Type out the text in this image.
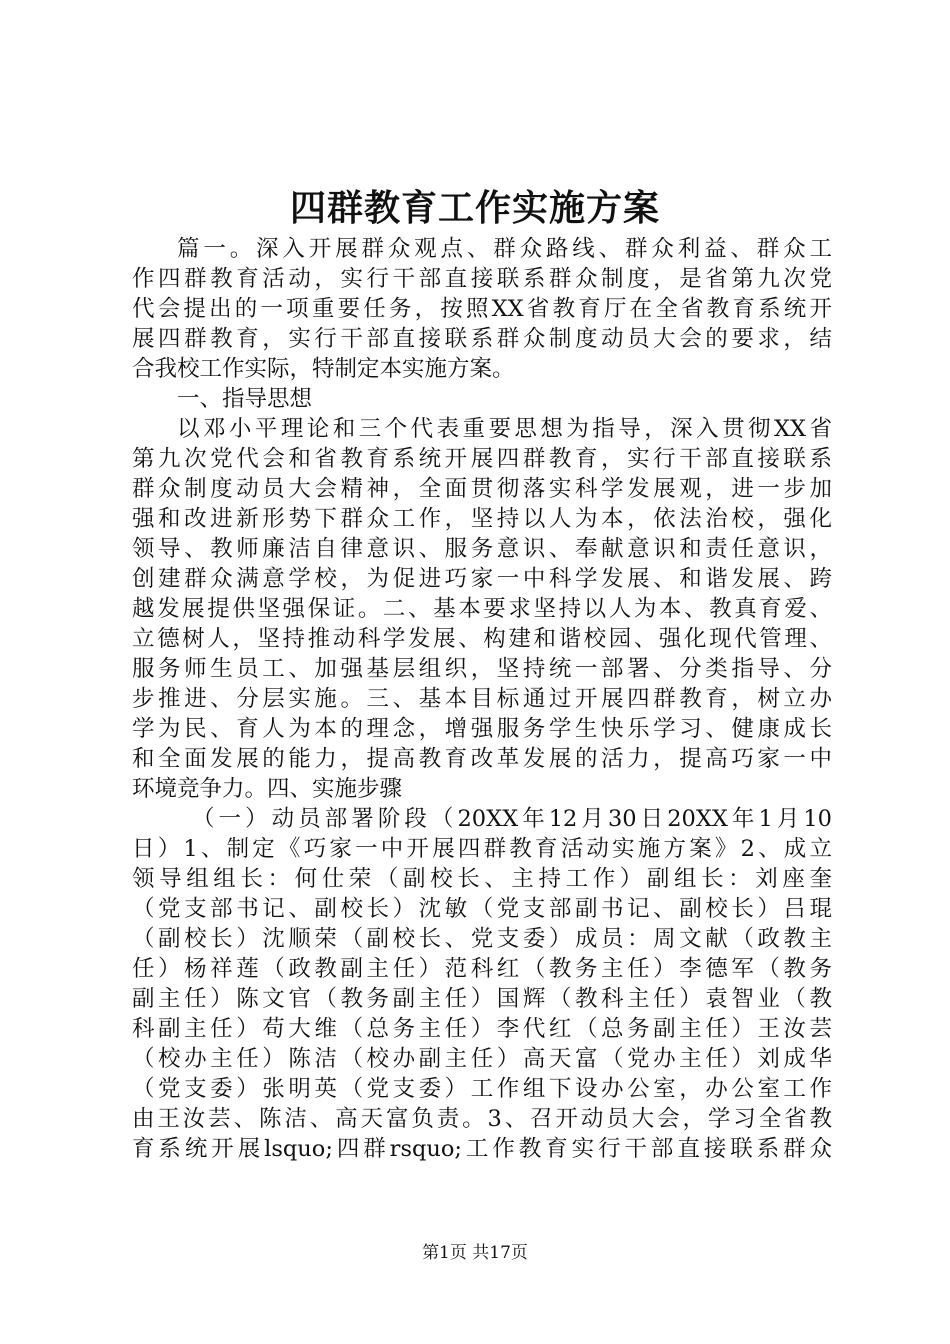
四群教育工作实施方案
篇一。深入开展群众观点、群众路线、群众利益、群众工
作四群教育活动，实行干部直接联系群众制度，是省第九次党
代会提出的一项重要任务，按照XX省教育厅在全省教育系统开
展四群教育，实行干部直接联系群众制度动员大会的要求，结
合我校工作实际，特制定本实施方案。
一、指导思想
以邓小平理论和三个代表重要思想为指导，深入贯彻XX省
第九次党代会和省教育系统开展四群教育，实行干部直接联系
群众制度动员大会精神，全面贯彻落实科学发展观，进一步加
强和改进新形势下群众工作，坚持以人为本，依法治校，强化
领导、教师廉洁自律意识、服务意识、奉献意识和责任意识，
创建群众满意学校，为促进巧家一中科学发展、和谐发展、跨
越发展提供坚强保证。二、基本要求坚持以人为本、教真育爱、
立德树人，坚持推动科学发展、构建和谐校园、强化现代管理、
服务师生员工、加强基层组织，坚持统一部署、分类指导、分
步推进、分层实施。三、基本目标通过开展四群教育，树立办
学为民、育人为本的理念，增强服务学生快乐学习、健康成长
和全面发展的能力，提高教育改革发展的活力，提高巧家一中
环境竞争力。四、实施步骤
（一）动员部署阶段（20XX年12月30日20XX年1月10
日）1、制定《巧家一中开展四群教育活动实施方案》2、成立
领导组组长：何仕荣（副校长、主持工作）副组长：刘座奎
（党支部书记、副校长）沈敏（党支部副书记、副校长）吕琨
（副校长）沈顺荣（副校长、党支委）成员：周文献（政教主
任）杨祥莲（政教副主任）范科红（教务主任）李德军（教务
副主任）陈文官（教务副主任）国辉（教科主任）袁智业（教
科副主任）苟大维（总务主任）李代红（总务副主任）王汝芸
（校办主任）陈洁（校办副主任）高天富（党办主任）刘成华
（党支委）张明英（党支委）工作组下设办公室，办公室工作
由王汝芸、陈洁、高天富负责。3、召开动员大会，学习全省教
育系统开展lsquo;四群rsquo;工作教育实行干部直接联系群众
第1页 共17页
